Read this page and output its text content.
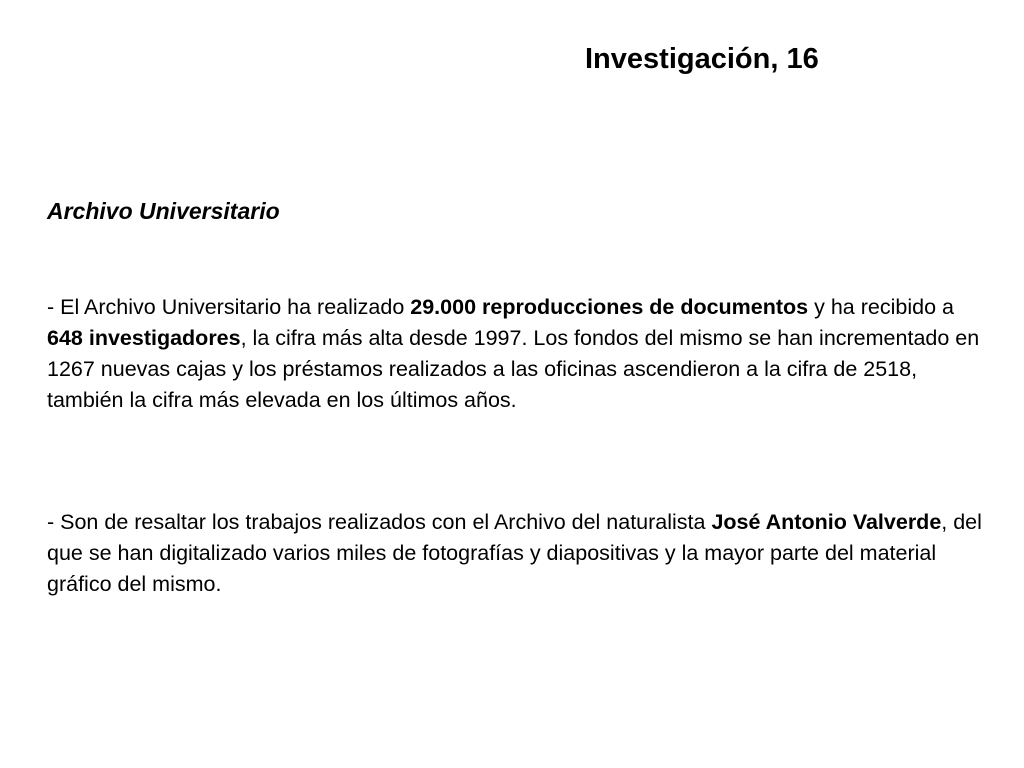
Investigación, 16
Archivo Universitario
- El Archivo Universitario ha realizado 29.000 reproducciones de documentos y ha recibido a 648 investigadores, la cifra más alta desde 1997. Los fondos del mismo se han incrementado en 1267 nuevas cajas y los préstamos realizados a las oficinas ascendieron a la cifra de 2518, también la cifra más elevada en los últimos años.
- Son de resaltar los trabajos realizados con el Archivo del naturalista José Antonio Valverde, del que se han digitalizado varios miles de fotografías y diapositivas y la mayor parte del material gráfico del mismo.
